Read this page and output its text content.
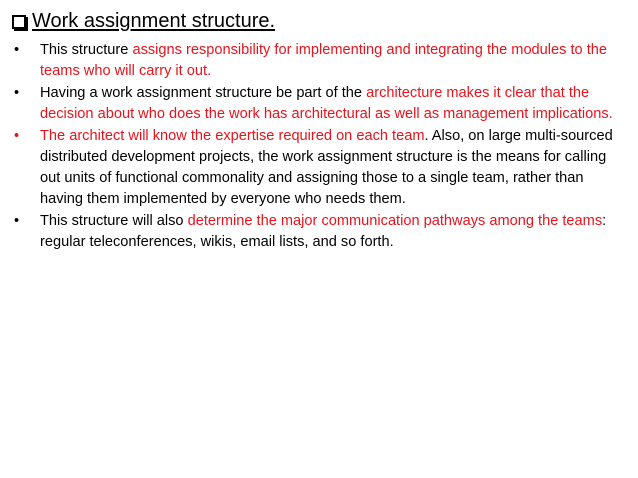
Work assignment structure.
•	This structure assigns responsibility for implementing and integrating the modules to the teams who will carry it out.
•	Having a work assignment structure be part of the architecture makes it clear that the decision about who does the work has architectural as well as management implications.
•	The architect will know the expertise required on each team. Also, on large multi-sourced distributed development projects, the work assignment structure is the means for calling out units of functional commonality and assigning those to a single team, rather than having them implemented by everyone who needs them.
•	This structure will also determine the major communication pathways among the teams: regular teleconferences, wikis, email lists, and so forth.
